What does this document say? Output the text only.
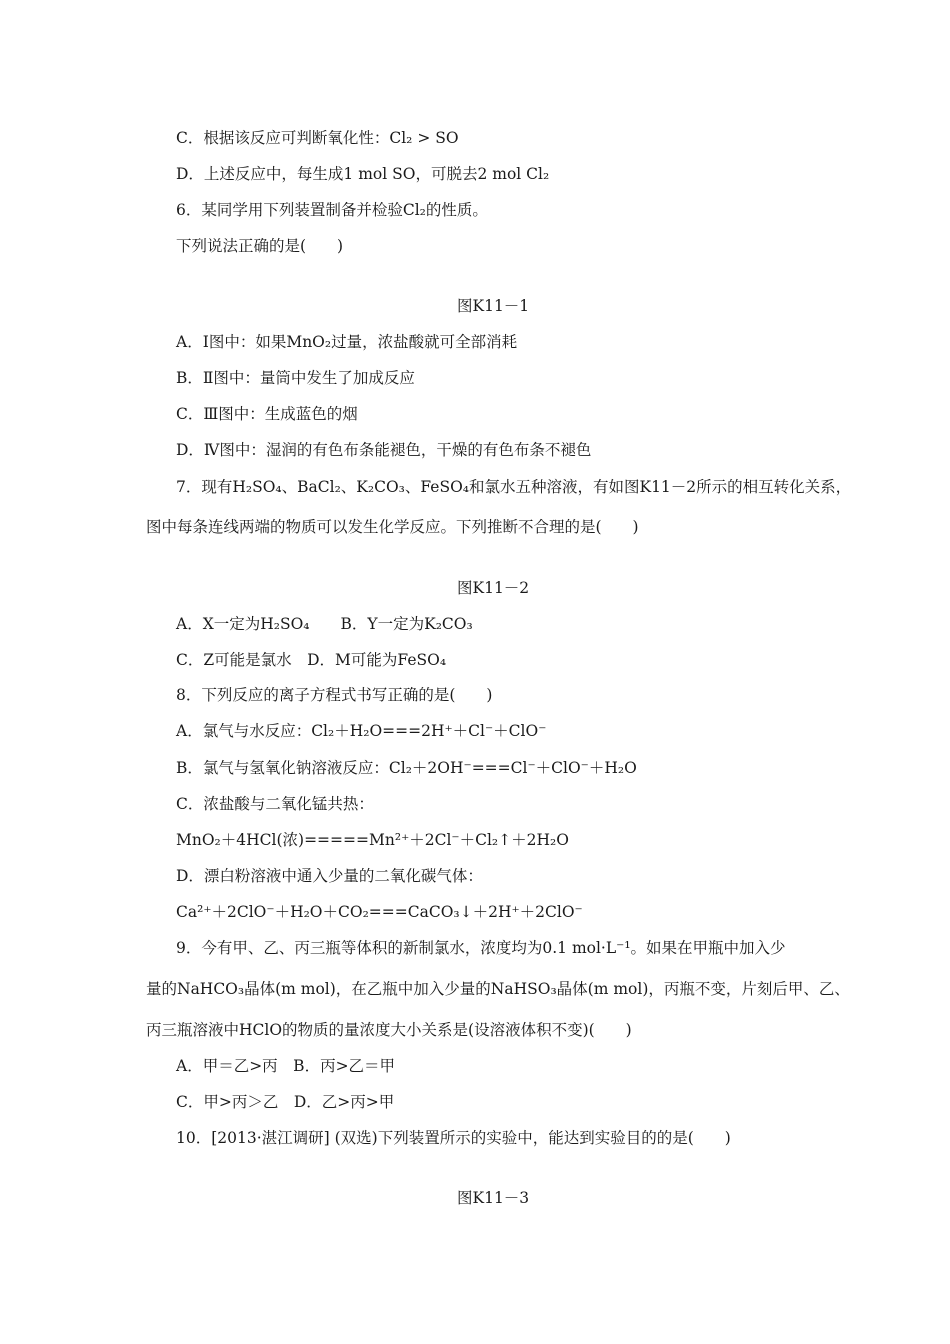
C．根据该反应可判断氧化性：Cl₂ > SO
D．上述反应中，每生成1 mol SO，可脱去2 mol Cl₂
6．某同学用下列装置制备并检验Cl₂的性质。
下列说法正确的是(　　)
图K11－1
A．Ⅰ图中：如果MnO₂过量，浓盐酸就可全部消耗
B．Ⅱ图中：量筒中发生了加成反应
C．Ⅲ图中：生成蓝色的烟
D．Ⅳ图中：湿润的有色布条能褪色，干燥的有色布条不褪色
7．现有H₂SO₄、BaCl₂、K₂CO₃、FeSO₄和氯水五种溶液，有如图K11－2所示的相互转化关系，
图中每条连线两端的物质可以发生化学反应。下列推断不合理的是(　　)
图K11－2
A．X一定为H₂SO₄　　B．Y一定为K₂CO₃
C．Z可能是氯水　D．M可能为FeSO₄
8．下列反应的离子方程式书写正确的是(　　)
A．氯气与水反应：Cl₂＋H₂O===2H⁺＋Cl⁻＋ClO⁻
B．氯气与氢氧化钠溶液反应：Cl₂＋2OH⁻===Cl⁻＋ClO⁻＋H₂O
C．浓盐酸与二氧化锰共热：
MnO₂＋4HCl(浓)=====Mn²⁺＋2Cl⁻＋Cl₂↑＋2H₂O
D．漂白粉溶液中通入少量的二氧化碳气体：
Ca²⁺＋2ClO⁻＋H₂O＋CO₂===CaCO₃↓＋2H⁺＋2ClO⁻
9．今有甲、乙、丙三瓶等体积的新制氯水，浓度均为0.1 mol·L⁻¹。如果在甲瓶中加入少
量的NaHCO₃晶体(m mol)，在乙瓶中加入少量的NaHSO₃晶体(m mol)，丙瓶不变，片刻后甲、乙、
丙三瓶溶液中HClO的物质的量浓度大小关系是(设溶液体积不变)(　　)
A．甲＝乙>丙　B．丙>乙＝甲
C．甲>丙＞乙　D．乙>丙>甲
10．[2013·湛江调研] (双选)下列装置所示的实验中，能达到实验目的的是(　　)
图K11－3
